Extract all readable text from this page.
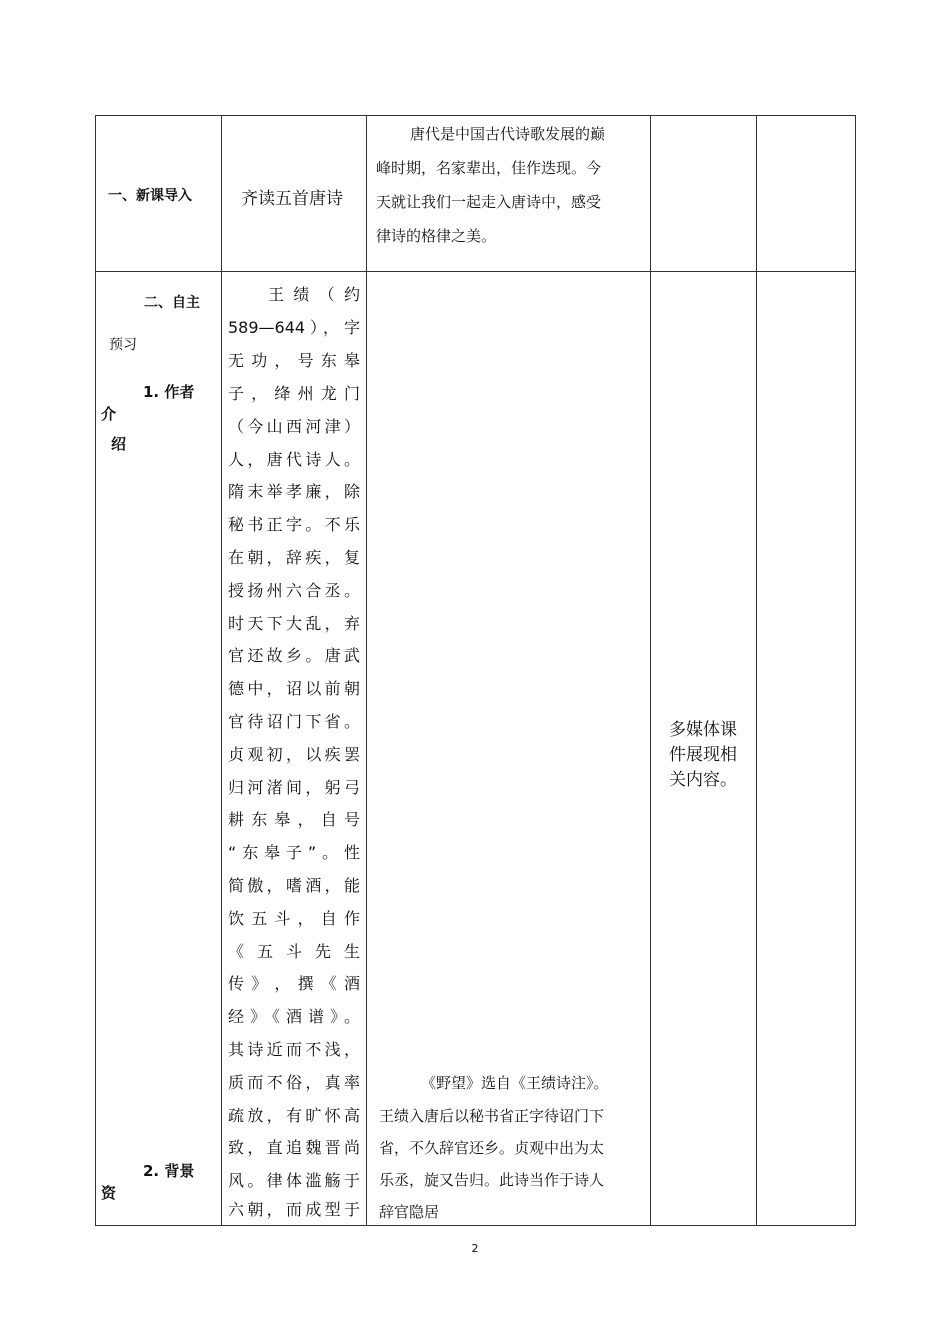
一、新课导入	齐读五首唐诗
唐代是中国古代诗歌发展的巅
峰时期，名家辈出，佳作迭现。今
天就让我们一起走入唐诗中，感受
律诗的格律之美。
二、自主
预习
1. 作者
介
绍
2. 背景
资
王 绩 （ 约
589—644），字
无 功 ， 号 东 皋
子 ， 绛 州 龙 门
（今山西河津）
人，唐代诗人。
隋末举孝廉，除
秘书正字。不乐
在朝，辞疾，复
授扬州六合丞。
时天下大乱，弃
官还故乡。唐武
德中，诏以前朝
官待诏门下省。
贞观初，以疾罢
归河渚间，躬弓
耕 东 皋 ， 自 号
“东皋子”。性
简傲，嗜酒，能
饮 五 斗 ， 自 作
《 五 斗 先 生
传 》 ， 撰 《 酒
经》《酒谱》。
其诗近而不浅，
质而不俗，真率
疏放，有旷怀高
致，直追魏晋尚
风。律体滥觞于
六朝，而成型于
《野望》选自《王绩诗注》。
王绩入唐后以秘书省正字待诏门下
省，不久辞官还乡。贞观中出为太
乐丞，旋又告归。此诗当作于诗人
辞官隐居
多媒体课
件展现相
关内容。
2
